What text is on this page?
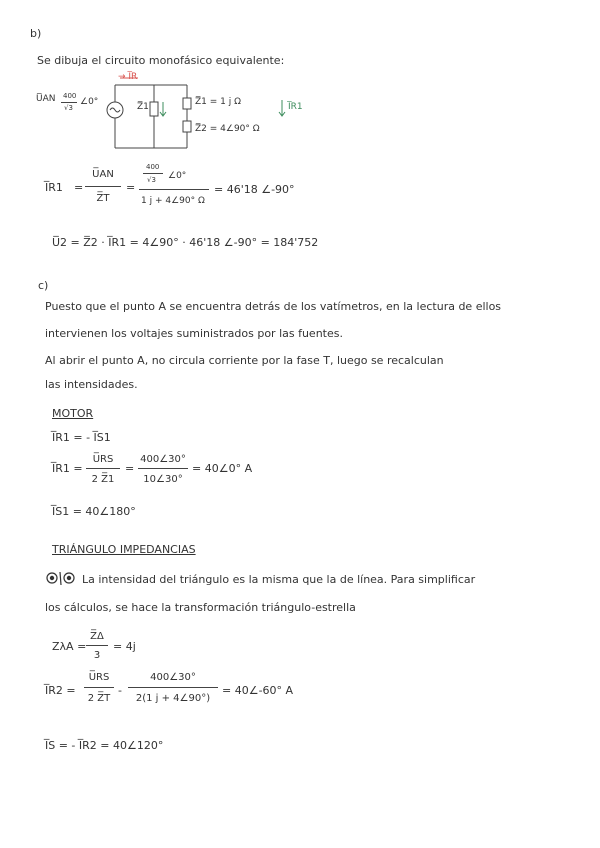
b)
Se dibuja el circuito monofásico equivalente:
U̅AN 400
√3
∠0°
→ I̅R
Z̅1	Z̅1 = 1 j Ω
Z̅2 = 4∠90° Ω
I̅R1
I̅R1 =
U̅AN
Z̅T
=
400
√3 ∠0°
1 j + 4∠90° Ω
= 46'18 ∠-90°
U̅2 = Z̅2 · I̅R1 = 4∠90° · 46'18 ∠-90° = 184'752
c)
Puesto que el punto A se encuentra detrás de los vatímetros, en la lectura de ellos
intervienen los voltajes suministrados por las fuentes.
Al abrir el punto A, no circula corriente por la fase T, luego se recalculan
las intensidades.
MOTOR
I̅R1 = - I̅S1
I̅R1 =
U̅RS
2 Z̅1
=
400∠30°
10∠30°
= 40∠0° A
I̅S1 = 40∠180°
TRIÁNGULO IMPEDANCIAS
La intensidad del triángulo es la misma que la de línea. Para simplificar
los cálculos, se hace la transformación triángulo-estrella
ZλA =
Z̅Δ
3
= 4j
I̅R2 =
U̅RS
2 Z̅T
-
400∠30°
2(1 j + 4∠90°)
= 40∠-60° A
I̅S = - I̅R2 = 40∠120°
